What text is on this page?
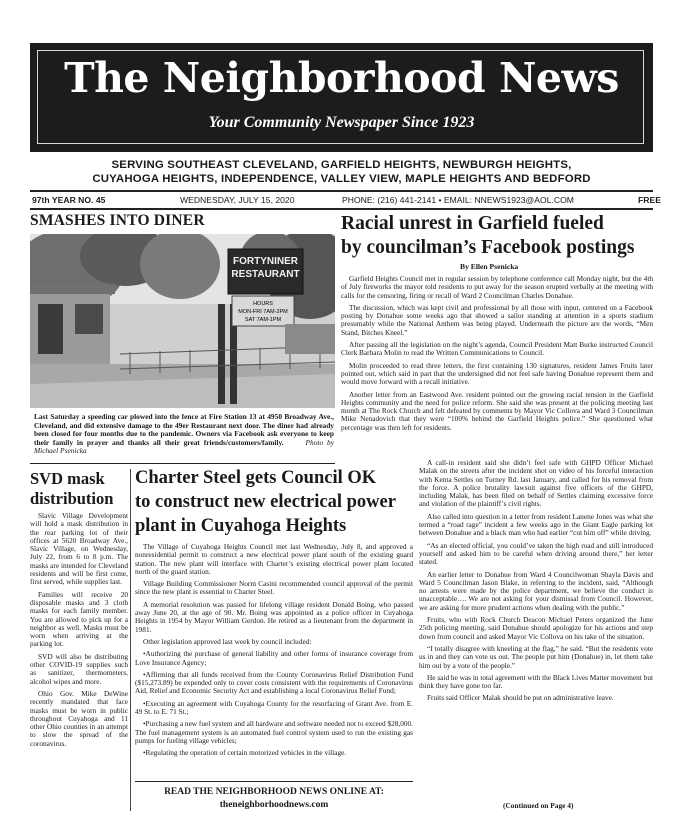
The Neighborhood News
Your Community Newspaper Since 1923
SERVING SOUTHEAST CLEVELAND, GARFIELD HEIGHTS, NEWBURGH HEIGHTS,
CUYAHOGA HEIGHTS, INDEPENDENCE, VALLEY VIEW, MAPLE HEIGHTS AND BEDFORD
97th YEAR NO. 45	WEDNESDAY, JULY 15, 2020	PHONE: (216) 441-2141 • EMAIL: NNEWS1923@AOL.COM	FREE
SMASHES INTO DINER
FORTYNINER
RESTAURANT
HOURS
MON-FRI 7AM-2PM
SAT 7AM-1PM
Last Saturday a speeding car plowed into the fence at Fire Station 13 at 4950 Broadway Ave., Cleveland, and did extensive damage to the 49er Restaurant next door. The diner had already been closed for four months due to the pandemic. Owners via Facebook ask everyone to keep their family in prayer and thanks all their great friends/customers/family.	Photo by Michael Psenicka
Racial unrest in Garfield fueled
by councilman’s Facebook postings
By Ellen Psenicka

Garfield Heights Council met in regular session by telephone conference call Monday night, but the 4th of July fireworks the mayor told residents to put away for the season erupted verbally at the meeting with calls for the censoring, firing or recall of Ward 2 Councilman Charles Donahue.

The discussion, which was kept civil and professional by all those with input, centered on a Facebook posting by Donahue some weeks ago that showed a sailor standing at attention in a sports stadium presumably while the National Anthem was being played. Underneath the picture are the words, “Men Stand, Bitches Kneel.”

After passing all the legislation on the night’s agenda, Council President Matt Burke instructed Council Clerk Barbara Molin to read the Written Communications to Council.

Molin proceeded to read three letters, the first containing 130 signatures, resident James Fruits later pointed out, which said in part that the undersigned did not feel safe having Donahue represent them and would move forward with a recall initiative.

Another letter from an Eastwood Ave. resident pointed out the growing racial tension in the Garfield Heights community and the need for police reform. She said she was present at the policing meeting last month at The Rock Church and felt defeated by comments by Mayor Vic Collova and Ward 3 Councilman Mike Nenadovich that they were “100% behind the Garfield Heights police.” She questioned what percentage was then left for residents.

A call-in resident said she didn’t feel safe with GHPD Officer Michael Malak on the streets after the incident shot on video of his forceful interaction with Kenta Settles on Turney Rd. last January, and called for his removal from the force. A police brutality lawsuit against five officers of the GHPD, including Malak, has been filed on behalf of Settles claiming excessive force and violation of the plaintiff’s civil rights.

Also called into question in a letter from resident Lanene Jones was what she termed a “road rage” incident a few weeks ago in the Giant Eagle parking lot between Donahue and a black man who had earlier “cut him off” while driving.

“As an elected official, you could’ve taken the high road and still introduced yourself and asked him to be careful when driving around there,” her letter stated.

An earlier letter to Donahue from Ward 4 Councilwoman Shayla Davis and Ward 5 Councilman Jason Blake, in referring to the incident, said, “Although no arrests were made by the police department, we believe the conduct is unacceptable…. We are not asking for your dismissal from Council. However, we are asking for more prudent actions when dealing with the public.”

Fruits, who with Rock Church Deacon Michael Peters organized the June 25th policing meeting, said Donahue should apologize for his actions and step down from council and asked Mayor Vic Collova on his take of the situation.

“I totally disagree with kneeling at the flag,” he said. “But the residents vote us in and they can vote us out. The people put him (Donahue) in, let them take him out by a vote of the people.”

He said he was in total agreement with the Black Lives Matter movement but think they have gone too far.

Fruits said Officer Malak should be put on administrative leave.

(Continued on Page 4)
SVD mask
distribution

Slavic Village Development will hold a mask distribution in the rear parking lot of their offices at 5620 Broadway Ave., Slavic Village, on Wednesday, July 22, from 6 to 8 p.m. The masks are intended for Cleveland residents and will be first come, first served, while supplies last.

Families will receive 20 disposable masks and 3 cloth masks for each family member. You are allowed to pick up for a neighbor as well. Masks must be worn when arriving at the parking lot.

SVD will also be distributing other COVID-19 supplies such as sanitizer, thermometers, alcohol wipes and more.

Ohio Gov. Mike DeWine recently mandated that face masks must be worn in public throughout Cuyahoga and 11 other Ohio counties in an attempt to slow the spread of the coronavirus.

Charter Steel gets Council OK
to construct new electrical power
plant in Cuyahoga Heights

The Village of Cuyahoga Heights Council met last Wednesday, July 8, and approved a nonresidential permit to construct a new electrical power plant south of the existing guard station. The new plant will interface with Charter’s existing electrical power plant located north of the guard station.

Village Building Commissioner Norm Casini recommended council approval of the permit since the new plant is essential to Charter Steel.

A memorial resolution was passed for lifelong village resident Donald Boing, who passed away June 20, at the age of 90. Mr. Boing was appointed as a police officer in Cuyahoga Heights in 1954 by Mayor William Gerdon. He retired as a lieutenant from the department in 1981.

Other legislation approved last week by council included:

•Authorizing the purchase of general liability and other forms of insurance coverage from Love Insurance Agency;

•Affirming that all funds received from the County Coronavirus Relief Distribution Fund ($15,273.89) be expended only to cover costs consistent with the requirements of Coronavirus Aid, Relief and Economic Security Act and establishing a local Coronavirus Relief Fund;

•Executing an agreement with Cuyahoga County for the resurfacing of Grant Ave. from E. 49 St. to E. 71 St.;

•Purchasing a new fuel system and all hardware and software needed not to exceed $28,000. The fuel management system is an automated fuel control system used to run the existing gas pumps for fueling village vehicles;

•Regulating the operation of certain motorized vehicles in the village.

READ THE NEIGHBORHOOD NEWS ONLINE AT:
theneighborhoodnews.com
